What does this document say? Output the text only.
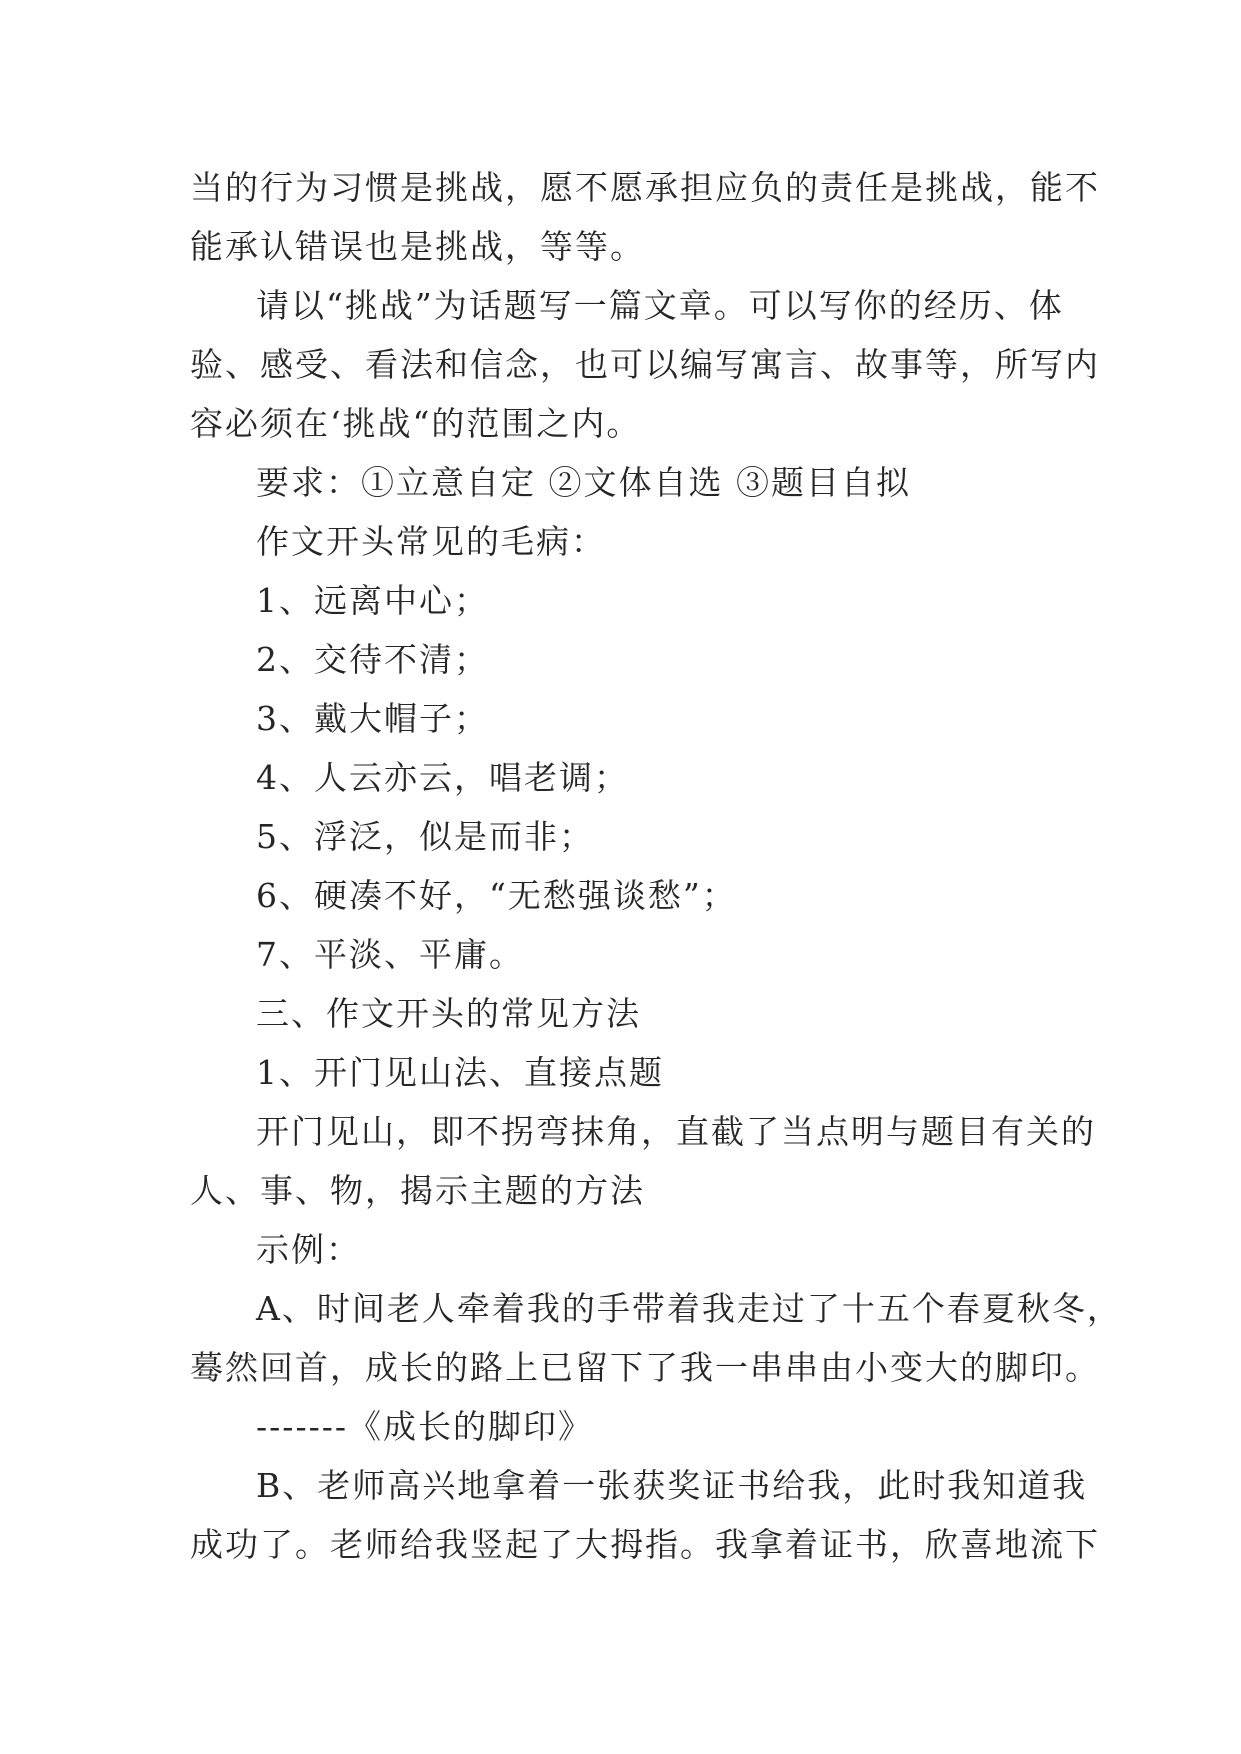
当的行为习惯是挑战，愿不愿承担应负的责任是挑战，能不
能承认错误也是挑战，等等。
请以“挑战”为话题写一篇文章。可以写你的经历、体
验、感受、看法和信念，也可以编写寓言、故事等，所写内
容必须在‘挑战“的范围之内。
要求：①立意自定 ②文体自选 ③题目自拟
作文开头常见的毛病：
1、远离中心；
2、交待不清；
3、戴大帽子；
4、人云亦云，唱老调；
5、浮泛，似是而非；
6、硬凑不好，“无愁强谈愁”；
7、平淡、平庸。
三、作文开头的常见方法
1、开门见山法、直接点题
开门见山，即不拐弯抹角，直截了当点明与题目有关的
人、事、物，揭示主题的方法
示例：
A、时间老人牵着我的手带着我走过了十五个春夏秋冬，
蓦然回首，成长的路上已留下了我一串串由小变大的脚印。
-------《成长的脚印》
B、老师高兴地拿着一张获奖证书给我，此时我知道我
成功了。老师给我竖起了大拇指。我拿着证书，欣喜地流下
